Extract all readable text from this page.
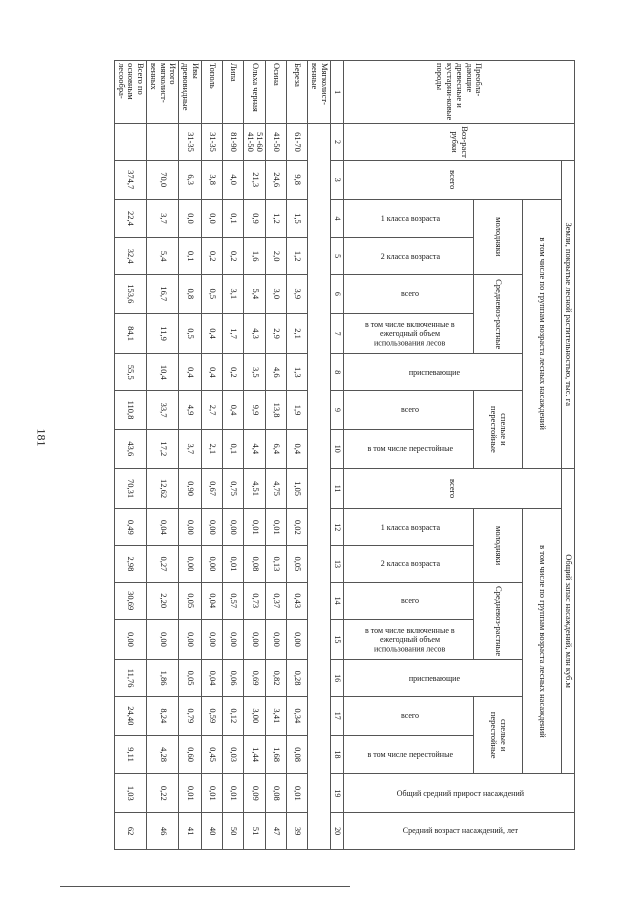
181
Преобла-дающие древесные и кустарни-ковые породы	Воз-раст рубки	Земли, покрытые лесной растительностью, тыс. га								Общий запас насаждений, млн куб.м								Общий средний прирост насаждений	Средний возраст насаждений, лет
		всего	в том числе по группам возраста лесных насаждений							всего	в том числе по группам возраста лесных насаждений								
			молодняки		Средневоз-растные		приспевающие	спелые и перестойные			молодняки		Средневоз-растные		приспевающие	спелые и перестойные			
			1 класса возраста	2 класса возраста	всего	в том числе включенные в ежегодный объем использования лесов		всего	в том числе перестойные		1 класса возраста	2 класса возраста	всего	в том числе включенные в ежегодный объем использования лесов		всего	в том числе перестойные		

1	2	3	4	5	6	7	8	9	10	11	12	13	14	15	16	17	18	19	20
Мягколист-венные																			
Береза	61-70	9,8	1,5	1,2	3,9	2,1	1,3	1,9	0,4	1,05	0,02	0,05	0,43	0,00	0,28	0,34	0,08	0,01	39
Осина	41-50	24,6	1,2	2,0	3,0	2,9	4,6	13,8	6,4	4,75	0,01	0,13	0,37	0,00	0,82	3,41	1,68	0,08	47
Ольха черная	51-60 41-50	21,3	0,9	1,6	5,4	4,3	3,5	9,9	4,4	4,51	0,01	0,08	0,73	0,00	0,69	3,00	1,44	0,09	51
Липа	81-90	4,0	0,1	0,2	3,1	1,7	0,2	0,4	0,1	0,75	0,00	0,01	0,57	0,00	0,06	0,12	0,03	0,01	50
Тополь	31-35	3,8	0,0	0,2	0,5	0,4	0,4	2,7	2,1	0,67	0,00	0,00	0,04	0,00	0,04	0,59	0,45	0,01	40
Ивы древовидные	31-35	6,3	0,0	0,1	0,8	0,5	0,4	4,9	3,7	0,90	0,00	0,00	0,05	0,00	0,05	0,79	0,60	0,01	41
Итого мягколист-венных		70,0	3,7	5,4	16,7	11,9	10,4	33,7	17,2	12,62	0,04	0,27	2,20	0,00	1,86	8,24	4,28	0,22	46
Всего по основным лесообра-		374,7	22,4	32,4	153,6	84,1	55,5	110,8	43,6	70,31	0,49	2,98	30,69	0,00	11,76	24,40	9,11	1,03	62
